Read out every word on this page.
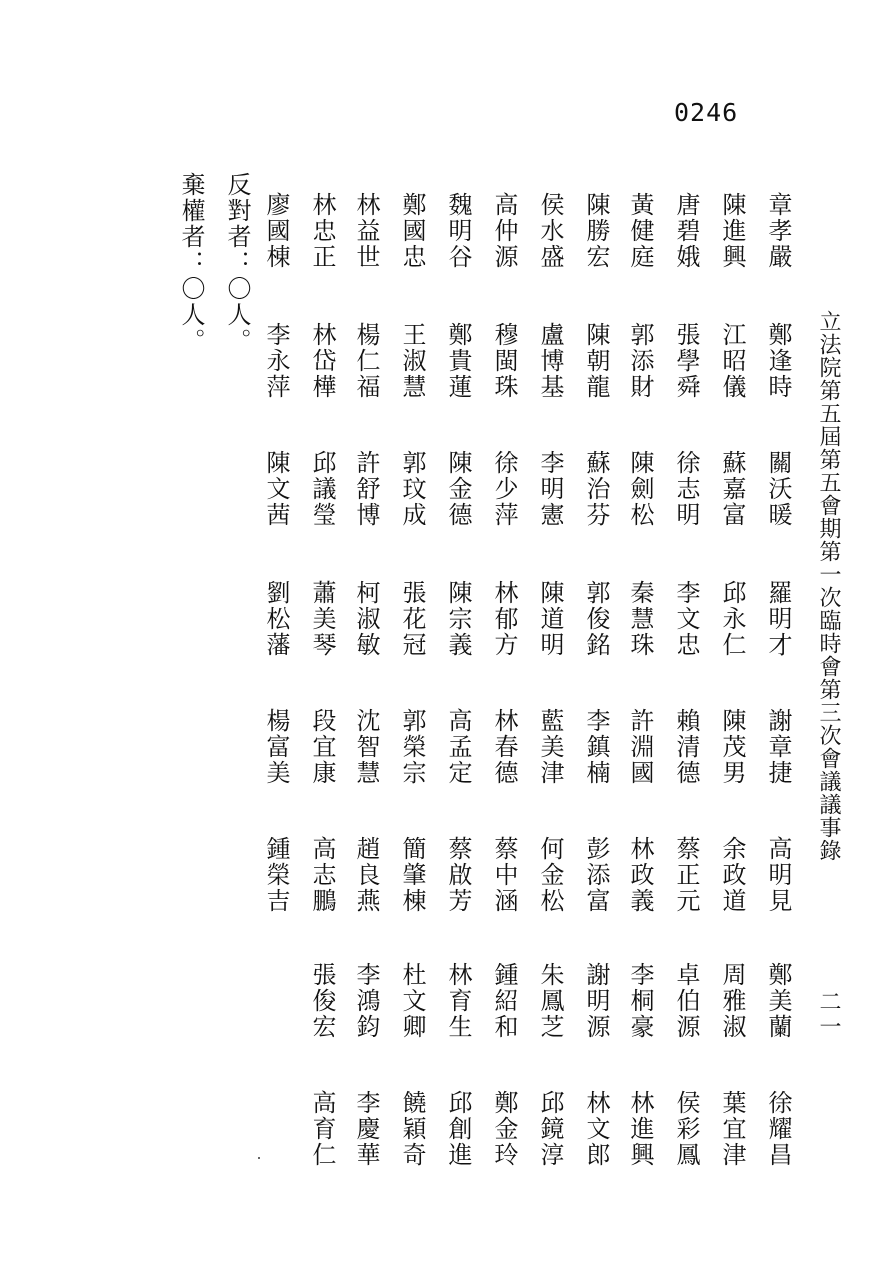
0246
立法院第五屆第五會期第一次臨時會第三次會議議事錄
二一
章孝嚴
鄭逢時
關沃暖
羅明才
謝章捷
高明見
鄭美蘭
徐耀昌
陳進興
江昭儀
蘇嘉富
邱永仁
陳茂男
余政道
周雅淑
葉宜津
唐碧娥
張學舜
徐志明
李文忠
賴清德
蔡正元
卓伯源
侯彩鳳
黃健庭
郭添財
陳劍松
秦慧珠
許淵國
林政義
李桐豪
林進興
陳勝宏
陳朝龍
蘇治芬
郭俊銘
李鎮楠
彭添富
謝明源
林文郎
侯水盛
盧博基
李明憲
陳道明
藍美津
何金松
朱鳳芝
邱鏡淳
高仲源
穆閩珠
徐少萍
林郁方
林春德
蔡中涵
鍾紹和
鄭金玲
魏明谷
鄭貴蓮
陳金德
陳宗義
高孟定
蔡啟芳
林育生
邱創進
鄭國忠
王淑慧
郭玟成
張花冠
郭榮宗
簡肇棟
杜文卿
饒穎奇
林益世
楊仁福
許舒博
柯淑敏
沈智慧
趙良燕
李鴻鈞
李慶華
林忠正
林岱樺
邱議瑩
蕭美琴
段宜康
高志鵬
張俊宏
高育仁
廖國棟
李永萍
陳文茜
劉松藩
楊富美
鍾榮吉
反對者：〇人。
棄權者：〇人。
